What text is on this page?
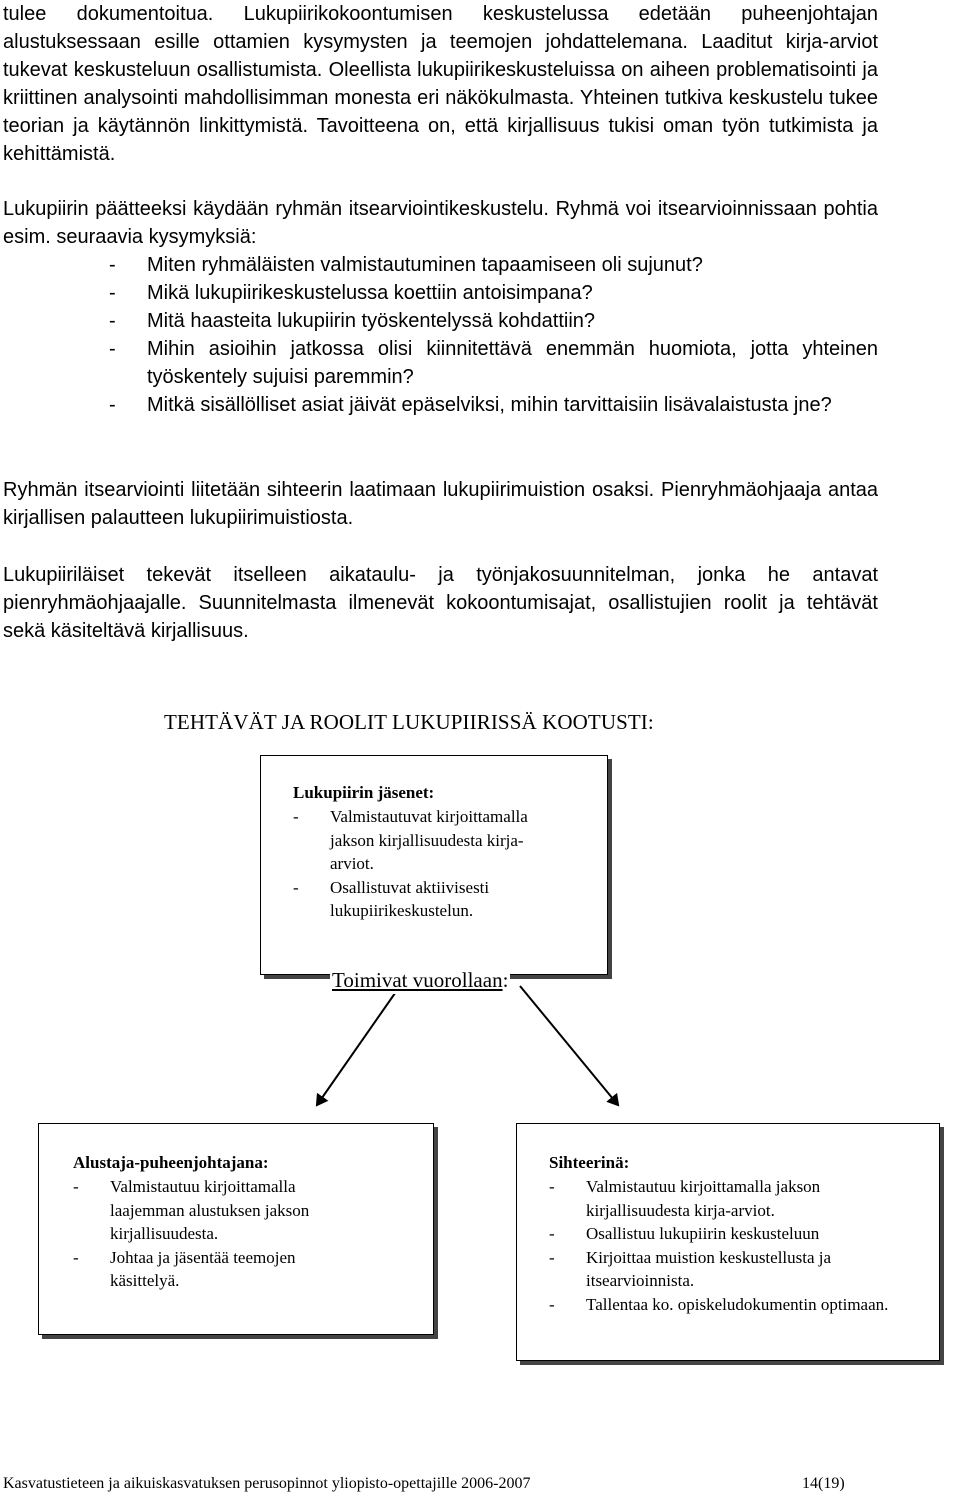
tulee dokumentoitua. Lukupiirikokoontumisen keskustelussa edetään puheenjohtajan alustuksessaan esille ottamien kysymysten ja teemojen johdattelemana. Laaditut kirja-arviot tukevat keskusteluun osallistumista. Oleellista lukupiirikeskusteluissa on aiheen problematisointi ja kriittinen analysointi mahdollisimman monesta eri näkökulmasta. Yhteinen tutkiva keskustelu tukee teorian ja käytännön linkittymistä. Tavoitteena on, että kirjallisuus tukisi oman työn tutkimista ja kehittämistä.

Lukupiirin päätteeksi käydään ryhmän itsearviointikeskustelu. Ryhmä voi itsearvioinnissaan pohtia esim. seuraavia kysymyksiä:

- Miten ryhmäläisten valmistautuminen tapaamiseen oli sujunut?
- Mikä lukupiirikeskustelussa koettiin antoisimpana?
- Mitä haasteita lukupiirin työskentelyssä kohdattiin?
- Mihin asioihin jatkossa olisi kiinnitettävä enemmän huomiota, jotta yhteinen työskentely sujuisi paremmin?
- Mitkä sisällölliset asiat jäivät epäselviksi, mihin tarvittaisiin lisävalaistusta jne?

Ryhmän itsearviointi liitetään sihteerin laatimaan lukupiirimuistion osaksi. Pienryhmäohjaaja antaa kirjallisen palautteen lukupiirimuistiosta.

Lukupiiriläiset tekevät itselleen aikataulu- ja työnjakosuunnitelman, jonka he antavat pienryhmäohjaajalle. Suunnitelmasta ilmenevät kokoontumisajat, osallistujien roolit ja tehtävät sekä käsiteltävä kirjallisuus.

TEHTÄVÄT JA ROOLIT LUKUPIIRISSÄ KOOTUSTI:
Lukupiirin jäsenet:
- Valmistautuvat kirjoittamalla jakson kirjallisuudesta kirja-arviot.
- Osallistuvat aktiivisesti lukupiirikeskustelun.
Toimivat vuorollaan:
Alustaja-puheenjohtajana:
- Valmistautuu kirjoittamalla laajemman alustuksen jakson kirjallisuudesta.
- Johtaa ja jäsentää teemojen käsittelyä.
Sihteerinä:
- Valmistautuu kirjoittamalla jakson kirjallisuudesta kirja-arviot.
- Osallistuu lukupiirin keskusteluun
- Kirjoittaa muistion keskustellusta ja itsearvioinnista.
- Tallentaa ko. opiskeludokumentin optimaan.
Kasvatustieteen ja aikuiskasvatuksen perusopinnot yliopisto-opettajille 2006-2007	14(19)
